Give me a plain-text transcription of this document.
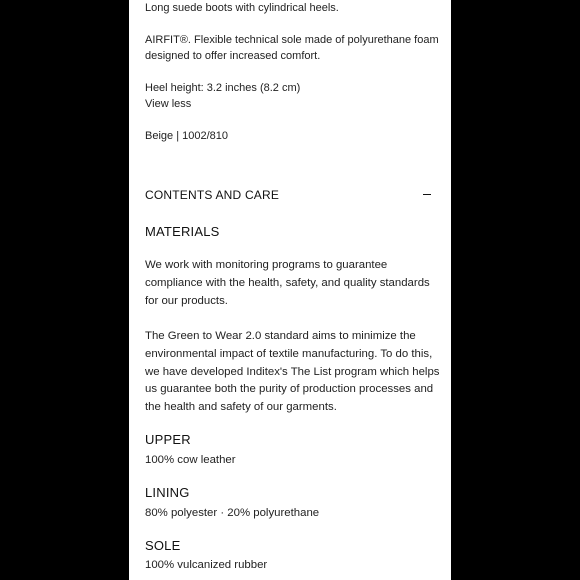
Long suede boots with cylindrical heels.
AIRFIT®. Flexible technical sole made of polyurethane foam
designed to offer increased comfort.
Heel height: 3.2 inches (8.2 cm)
View less
Beige | 1002/810
CONTENTS AND CARE
MATERIALS
We work with monitoring programs to guarantee
compliance with the health, safety, and quality standards
for our products.
The Green to Wear 2.0 standard aims to minimize the
environmental impact of textile manufacturing. To do this,
we have developed Inditex's The List program which helps
us guarantee both the purity of production processes and
the health and safety of our garments.
UPPER
100% cow leather
LINING
80% polyester · 20% polyurethane
SOLE
100% vulcanized rubber
